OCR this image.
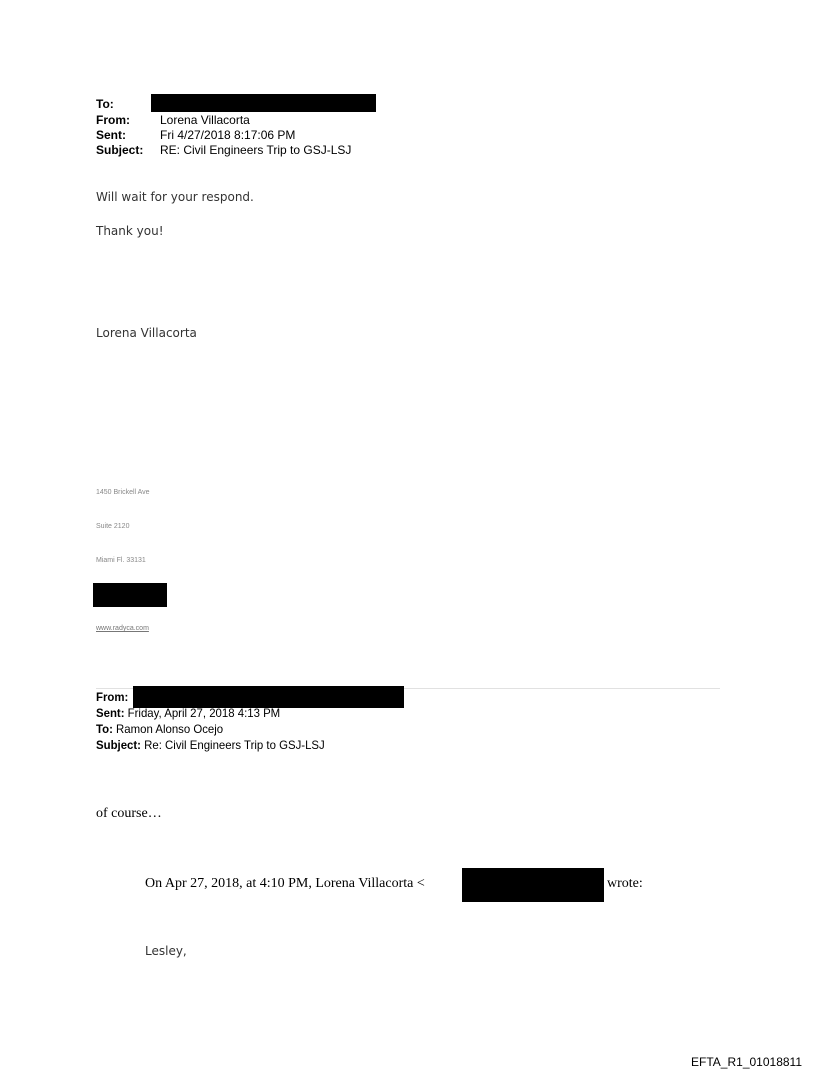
To:
From:	Lorena Villacorta
Sent:	Fri 4/27/2018 8:17:06 PM
Subject: RE: Civil Engineers Trip to GSJ-LSJ
Will wait for your respond.
Thank you!
Lorena Villacorta
1450 Brickell Ave
Suite 2120
Miami Fl. 33131
www.radyca.com
From:
Sent: Friday, April 27, 2018 4:13 PM
To: Ramon Alonso Ocejo
Subject: Re: Civil Engineers Trip to GSJ-LSJ
of course…
On Apr 27, 2018, at 4:10 PM, Lorena Villacorta <	wrote:
Lesley,
EFTA_R1_01018811
